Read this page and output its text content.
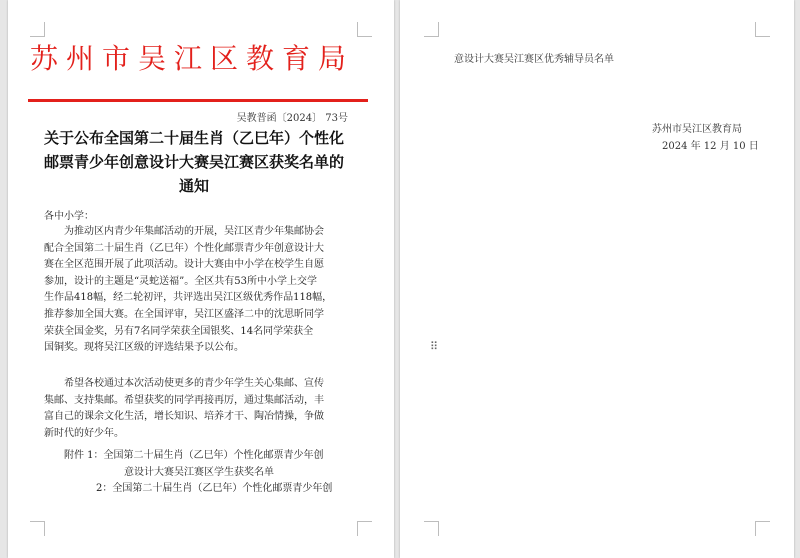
苏州市吴江区教育局
吴教普函〔2024〕 73号
关于公布全国第二十届生肖（乙巳年）个性化
邮票青少年创意设计大赛吴江赛区获奖名单的
通知
各中小学：
为推动区内青少年集邮活动的开展，吴江区青少年集邮协会
配合全国第二十届生肖（乙巳年）个性化邮票青少年创意设计大
赛在全区范围开展了此项活动。设计大赛由中小学在校学生自愿
参加，设计的主题是“灵蛇送福”。全区共有53所中小学上交学
生作品418幅，经二轮初评，共评选出吴江区级优秀作品118幅，
推荐参加全国大赛。在全国评审，吴江区盛泽二中的沈思昕同学
荣获全国金奖，另有7名同学荣获全国银奖、14名同学荣获全
国铜奖。现将吴江区级的评选结果予以公布。
希望各校通过本次活动使更多的青少年学生关心集邮、宣传
集邮、支持集邮。希望获奖的同学再接再厉，通过集邮活动，丰
富自己的课余文化生活，增长知识、培养才干、陶冶情操，争做
新时代的好少年。
附件 1：全国第二十届生肖（乙巳年）个性化邮票青少年创
意设计大赛吴江赛区学生获奖名单
2：全国第二十届生肖（乙巳年）个性化邮票青少年创
意设计大赛吴江赛区优秀辅导员名单
苏州市吴江区教育局
2024 年 12 月 10 日
⠿
